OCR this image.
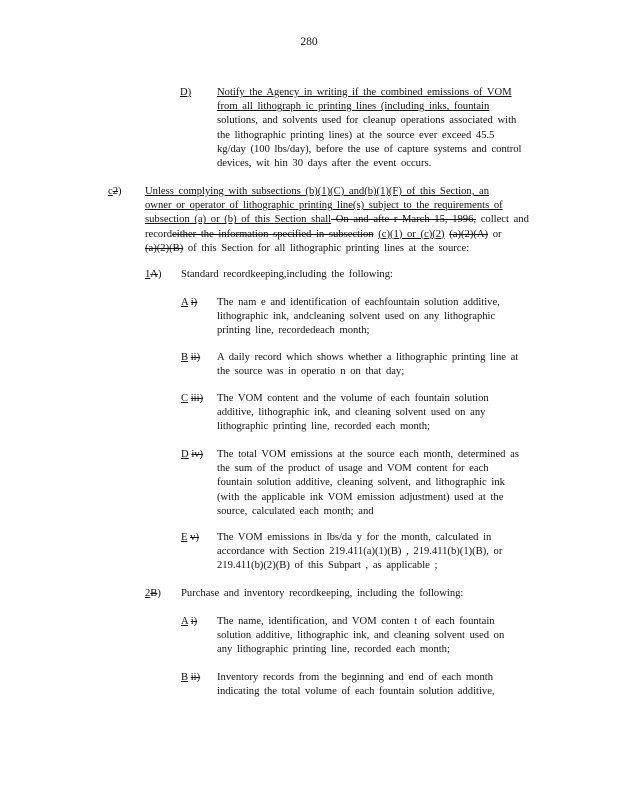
280
D) Notify the Agency in writing if the combined emissions of VOM
from all lithograph ic printing lines (including inks, fountain
solutions, and solvents used for cleanup operations associated with
the lithographic printing lines) at the source ever exceed 45.5
kg/day (100 lbs/day), before the use of capture systems and control
devices, wit hin 30 days after the event occurs.
c2) Unless complying with subsections (b)(1)(C) and(b)(1)(F) of this Section, an
owner or operator of lithographic printing line(s) subject to the requirements of
subsection (a) or (b) of this Section shall On and afte r March 15, 1996, collect and
recordeither the information specified in subsection (c)(1) or (c)(2) (a)(2)(A) or
(a)(2)(B) of this Section for all lithographic printing lines at the source:
1A) Standard recordkeeping,including the following:
A i) The nam e and identification of eachfountain solution additive,
lithographic ink, andcleaning solvent used on any lithographic
printing line, recordedeach month;
B ii) A daily record which shows whether a lithographic printing line at
the source was in operatio n on that day;
C iii) The VOM content and the volume of each fountain solution
additive, lithographic ink, and cleaning solvent used on any
lithographic printing line, recorded each month;
D iv) The total VOM emissions at the source each month, determined as
the sum of the product of usage and VOM content for each
fountain solution additive, cleaning solvent, and lithographic ink
(with the applicable ink VOM emission adjustment) used at the
source, calculated each month; and
E v) The VOM emissions in lbs/da y for the month, calculated in
accordance with Section 219.411(a)(1)(B) , 219.411(b)(1)(B), or
219.411(b)(2)(B) of this Subpart , as applicable ;
2B) Purchase and inventory recordkeeping, including the following:
A i) The name, identification, and VOM conten t of each fountain
solution additive, lithographic ink, and cleaning solvent used on
any lithographic printing line, recorded each month;
B ii) Inventory records from the beginning and end of each month
indicating the total volume of each fountain solution additive,
